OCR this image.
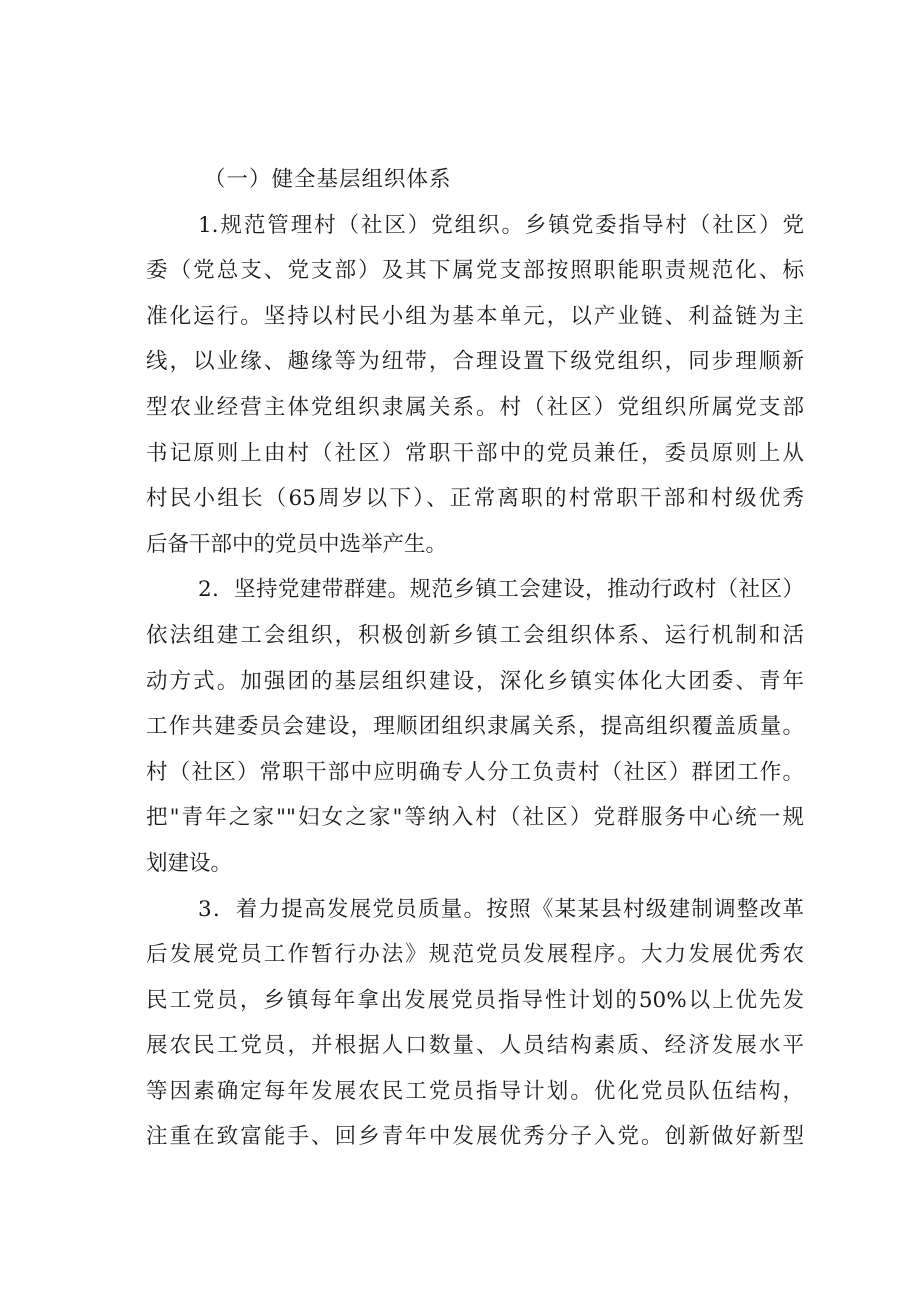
（一）健全基层组织体系
1.规范管理村（社区）党组织。乡镇党委指导村（社区）党
委（党总支、党支部）及其下属党支部按照职能职责规范化、标
准化运行。坚持以村民小组为基本单元，以产业链、利益链为主
线，以业缘、趣缘等为纽带，合理设置下级党组织，同步理顺新
型农业经营主体党组织隶属关系。村（社区）党组织所属党支部
书记原则上由村（社区）常职干部中的党员兼任，委员原则上从
村民小组长（65周岁以下）、正常离职的村常职干部和村级优秀
后备干部中的党员中选举产生。
2．坚持党建带群建。规范乡镇工会建设，推动行政村（社区）
依法组建工会组织，积极创新乡镇工会组织体系、运行机制和活
动方式。加强团的基层组织建设，深化乡镇实体化大团委、青年
工作共建委员会建设，理顺团组织隶属关系，提高组织覆盖质量。
村（社区）常职干部中应明确专人分工负责村（社区）群团工作。
把"青年之家""妇女之家"等纳入村（社区）党群服务中心统一规
划建设。
3．着力提高发展党员质量。按照《某某县村级建制调整改革
后发展党员工作暂行办法》规范党员发展程序。大力发展优秀农
民工党员，乡镇每年拿出发展党员指导性计划的50%以上优先发
展农民工党员，并根据人口数量、人员结构素质、经济发展水平
等因素确定每年发展农民工党员指导计划。优化党员队伍结构，
注重在致富能手、回乡青年中发展优秀分子入党。创新做好新型
